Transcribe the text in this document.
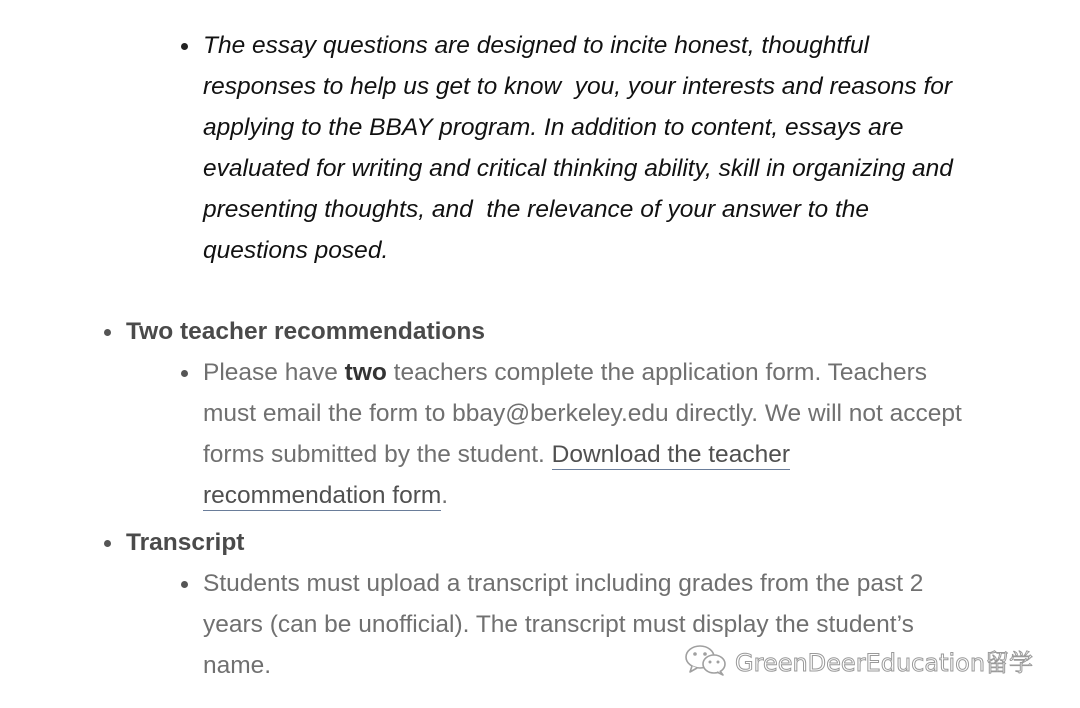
The essay questions are designed to incite honest, thoughtful
responses to help us get to know  you, your interests and reasons for
applying to the BBAY program. In addition to content, essays are
evaluated for writing and critical thinking ability, skill in organizing and
presenting thoughts, and  the relevance of your answer to the
questions posed.

Two teacher recommendations

Please have two teachers complete the application form. Teachers
must email the form to bbay@berkeley.edu directly. We will not accept
forms submitted by the student. Download the teacher
recommendation form.

Transcript

Students must upload a transcript including grades from the past 2
years (can be unofficial). The transcript must display the student’s
name.	GreenDeerEducation留学
